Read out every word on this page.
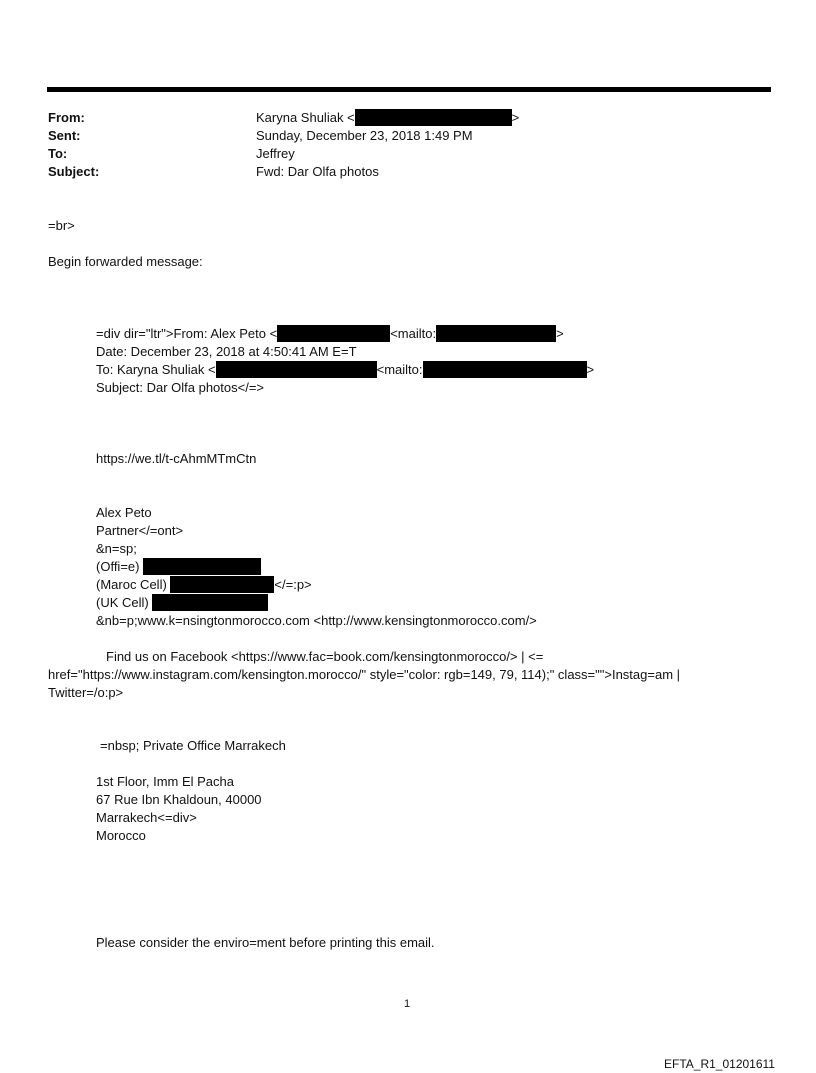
From:	Karyna Shuliak <	>
Sent:	Sunday, December 23, 2018 1:49 PM
To:	Jeffrey
Subject:	Fwd: Dar Olfa photos
=br>
Begin forwarded message:
=div dir="ltr">From: Alex Peto <	<mailto:	>
Date: December 23, 2018 at 4:50:41 AM E=T
To: Karyna Shuliak <	<mailto:	>
Subject: Dar Olfa photos</=>
https://we.tl/t-cAhmMTmCtn
Alex Peto
Partner</=ont>
&n=sp;
(Offi=e)
(Maroc Cell)	</=:p>
(UK Cell)
&nb=p;www.k=nsingtonmorocco.com <http://www.kensingtonmorocco.com/>
Find us on Facebook <https://www.fac=book.com/kensingtonmorocco/> | <=
href="https://www.instagram.com/kensington.morocco/" style="color: rgb=149, 79, 114);" class="">Instag=am |
Twitter=/o:p>
=nbsp; Private Office Marrakech
1st Floor, Imm El Pacha
67 Rue Ibn Khaldoun, 40000
Marrakech<=div>
Morocco
Please consider the enviro=ment before printing this email.
1
EFTA_R1_01201611
